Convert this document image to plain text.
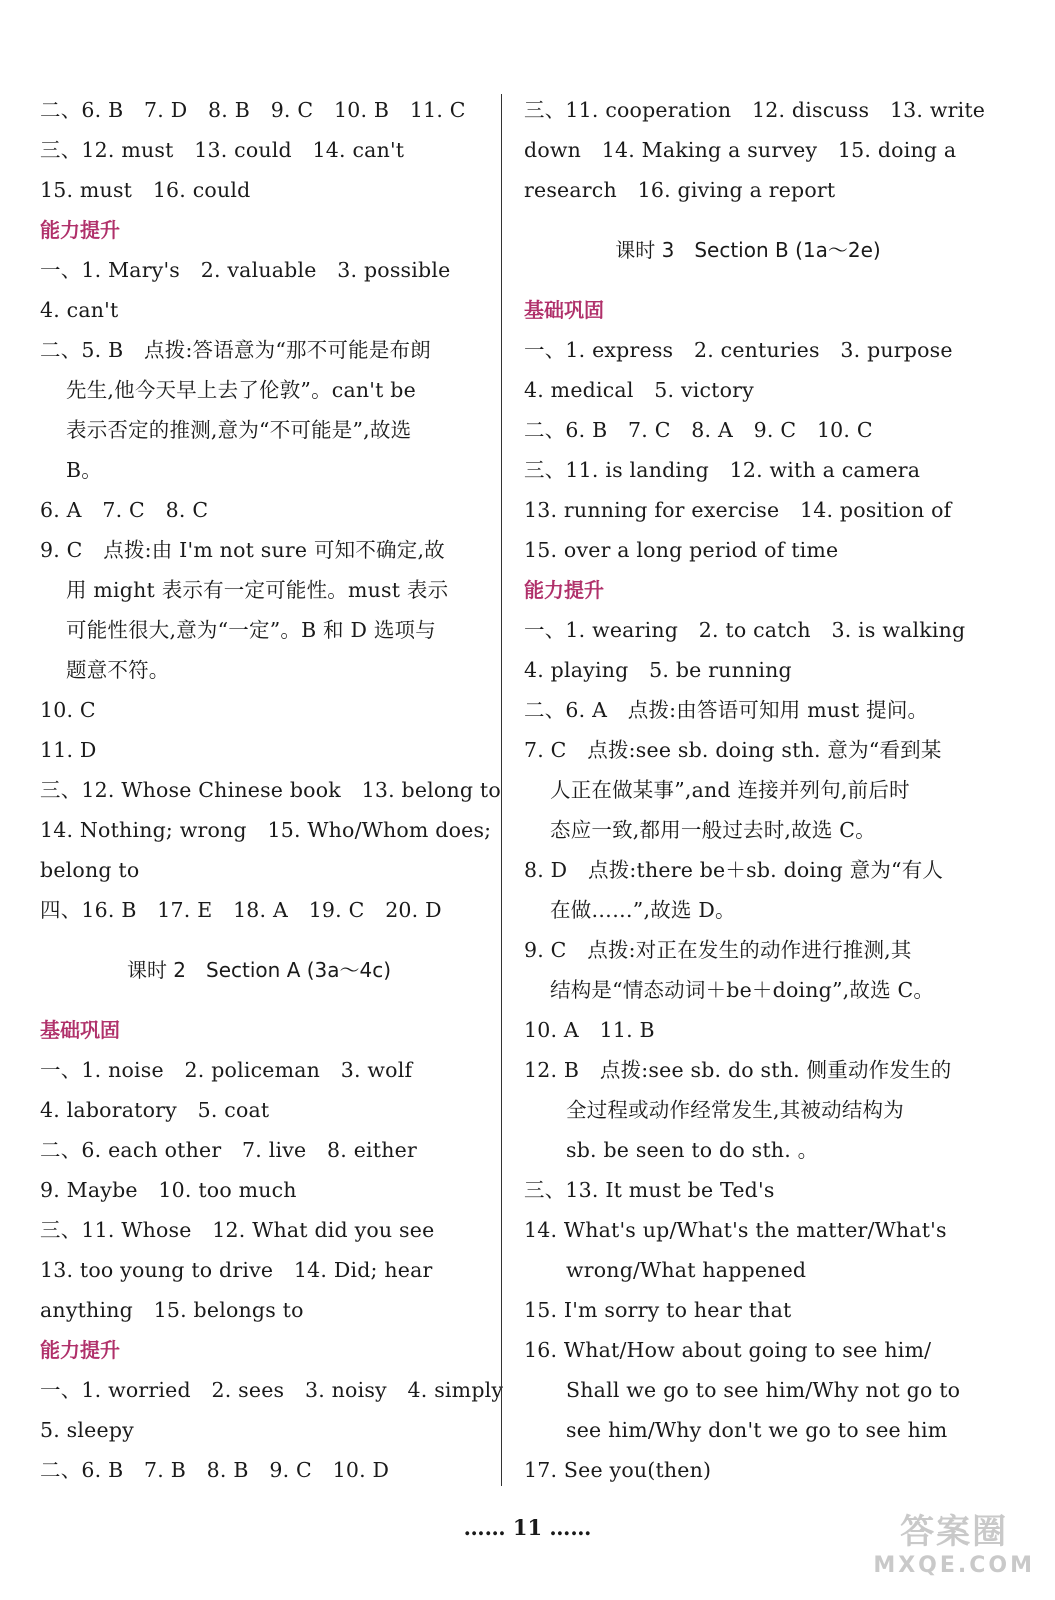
二、6. B　7. D　8. B　9. C　10. B　11. C
三、12. must　13. could　14. can't
15. must　16. could
能力提升
一、1. Mary's　2. valuable　3. possible
4. can't
二、5. B　点拨:答语意为“那不可能是布朗
先生,他今天早上去了伦敦”。can't be
表示否定的推测,意为“不可能是”,故选
B。
6. A　7. C　8. C
9. C　点拨:由 I'm not sure 可知不确定,故
用 might 表示有一定可能性。must 表示
可能性很大,意为“一定”。B 和 D 选项与
题意不符。
10. C
11. D
三、12. Whose Chinese book　13. belong to
14. Nothing; wrong　15. Who/Whom does;
belong to
四、16. B　17. E　18. A　19. C　20. D
课时 2　Section A (3a～4c)
基础巩固
一、1. noise　2. policeman　3. wolf
4. laboratory　5. coat
二、6. each other　7. live　8. either
9. Maybe　10. too much
三、11. Whose　12. What did you see
13. too young to drive　14. Did; hear
anything　15. belongs to
能力提升
一、1. worried　2. sees　3. noisy　4. simply
5. sleepy
二、6. B　7. B　8. B　9. C　10. D
三、11. cooperation　12. discuss　13. write
down　14. Making a survey　15. doing a
research　16. giving a report
课时 3　Section B (1a～2e)
基础巩固
一、1. express　2. centuries　3. purpose
4. medical　5. victory
二、6. B　7. C　8. A　9. C　10. C
三、11. is landing　12. with a camera
13. running for exercise　14. position of
15. over a long period of time
能力提升
一、1. wearing　2. to catch　3. is walking
4. playing　5. be running
二、6. A　点拨:由答语可知用 must 提问。
7. C　点拨:see sb. doing sth. 意为“看到某
人正在做某事”,and 连接并列句,前后时
态应一致,都用一般过去时,故选 C。
8. D　点拨:there be＋sb. doing 意为“有人
在做……”,故选 D。
9. C　点拨:对正在发生的动作进行推测,其
结构是“情态动词＋be＋doing”,故选 C。
10. A　11. B
12. B　点拨:see sb. do sth. 侧重动作发生的
全过程或动作经常发生,其被动结构为
sb. be seen to do sth. 。
三、13. It must be Ted's
14. What's up/What's the matter/What's
wrong/What happened
15. I'm sorry to hear that
16. What/How about going to see him/
Shall we go to see him/Why not go to
see him/Why don't we go to see him
17. See you(then)
…… 11 ……	答案圈
MXQE.COM
